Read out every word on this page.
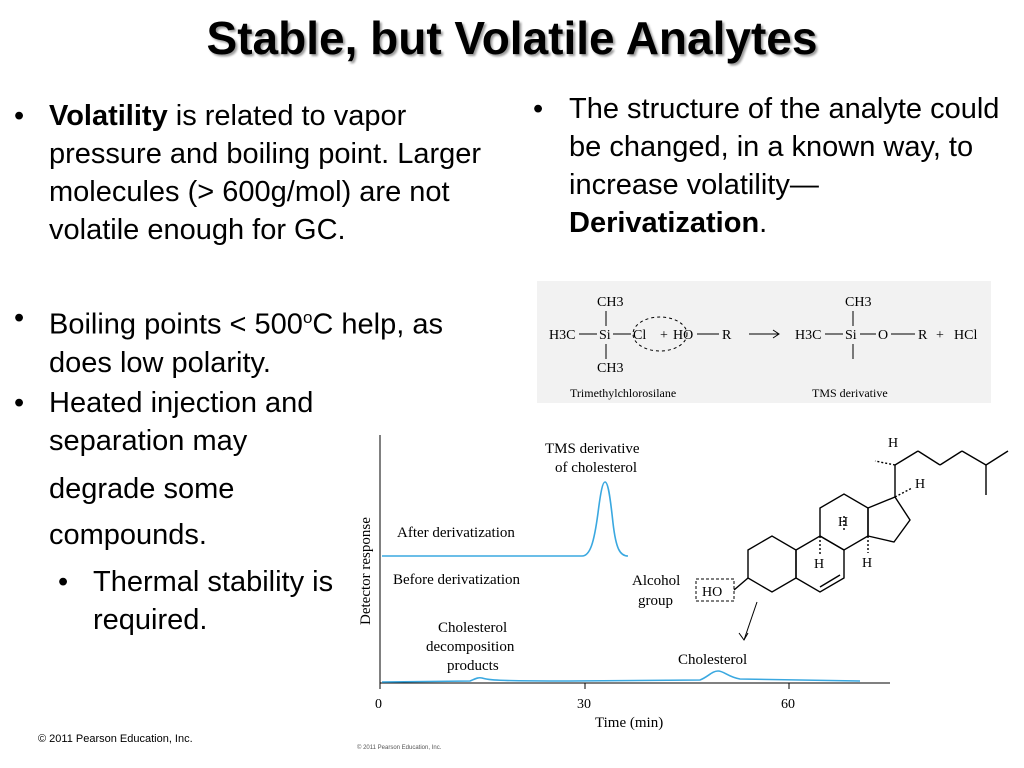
Stable, but Volatile Analytes
• Volatility is related to vapor pressure and boiling point. Larger molecules (> 600g/mol) are not volatile enough for GC.
• Boiling points < $500^oC$ help, as does low polarity.
• Heated injection and
separation may
degrade some
compounds.
• Thermal stability is required.
• The structure of the analyte could be changed, in a known way, to increase volatility—Derivatization.
CH3
H3C Si Cl + HO R
CH3
CH3
H3C Si O R + HCl
Trimethylchlorosilane	TMS derivative
0	30	60
Time (min)
Detector response
TMS derivative
of cholesterol
After derivatization
Before derivatization	Alcohol
group
Cholesterol
decomposition
products	Cholesterol
HO
H
H
H
H	H
© 2011 Pearson Education, Inc.
© 2011 Pearson Education, Inc.
